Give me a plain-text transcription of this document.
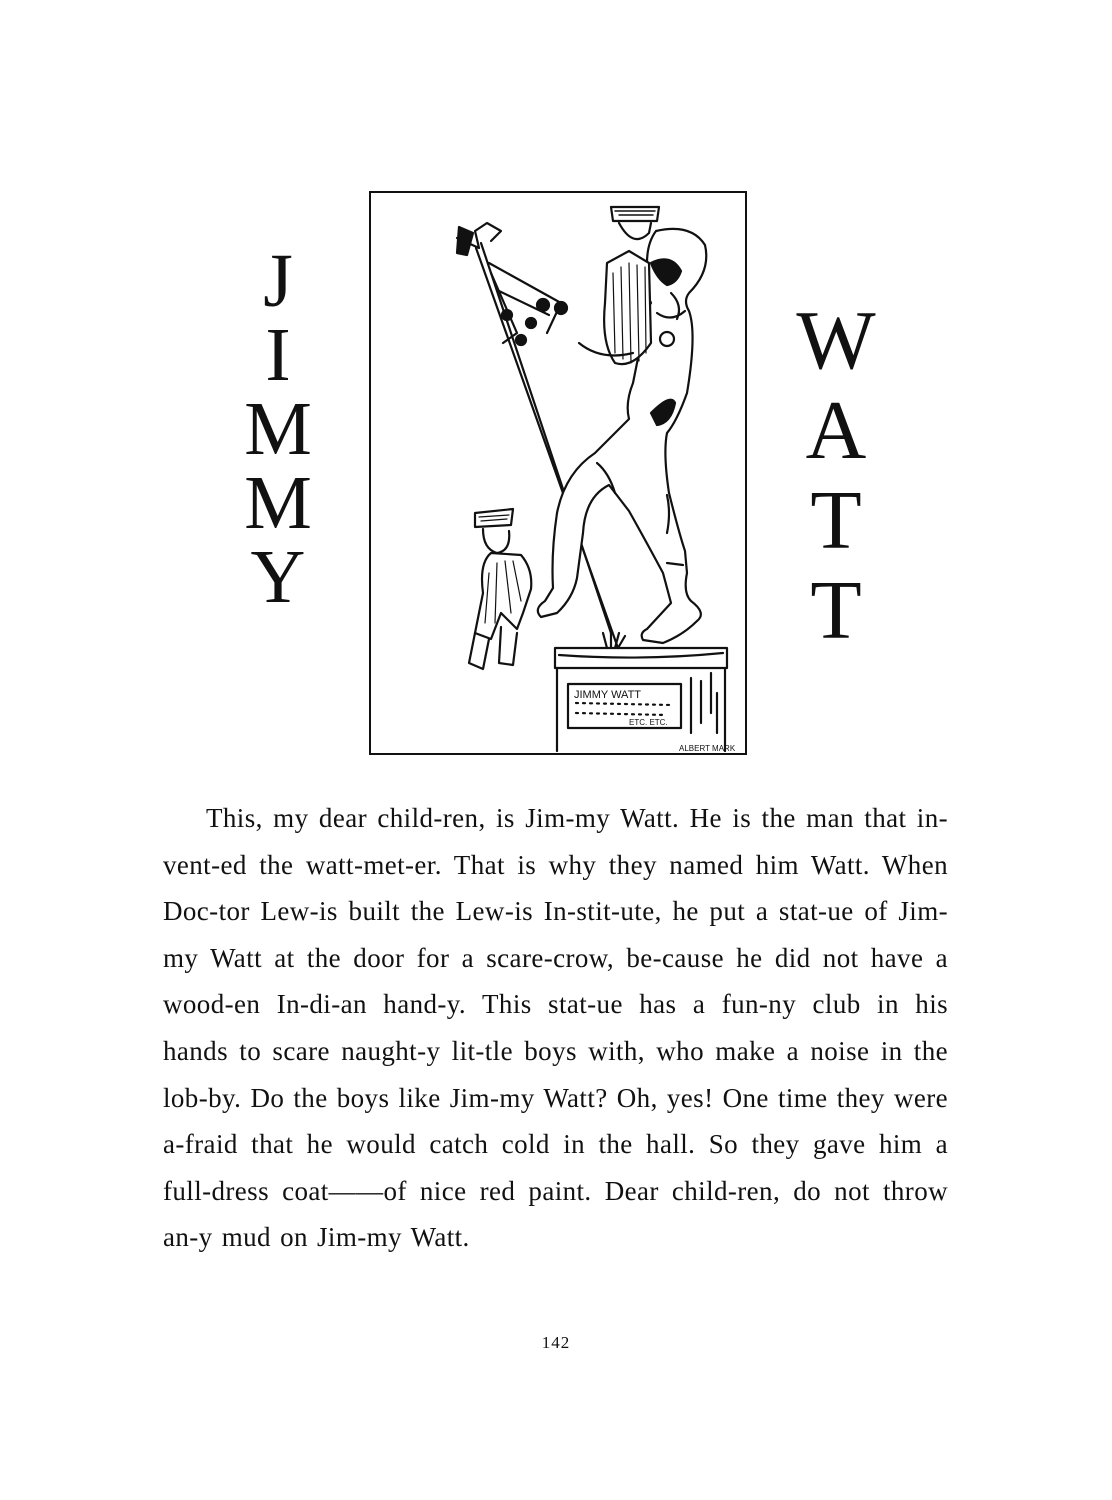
J
I
M
M
Y
JIMMY WATT
ETC. ETC.
ALBERT MARK
W
A
T
T

This, my dear child-ren, is Jim-my Watt. He is the man that in-vent-ed the watt-met-er. That is why they named him Watt. When Doc-tor Lew-is built the Lew-is In-stit-ute, he put a stat-ue of Jim-my Watt at the door for a scare-crow, be-cause he did not have a wood-en In-di-an hand-y. This stat-ue has a fun-ny club in his hands to scare naught-y lit-tle boys with, who make a noise in the lob-by. Do the boys like Jim-my Watt? Oh, yes! One time they were a-fraid that he would catch cold in the hall. So they gave him a full-dress coat——of nice red paint. Dear child-ren, do not throw an-y mud on Jim-my Watt.

142
